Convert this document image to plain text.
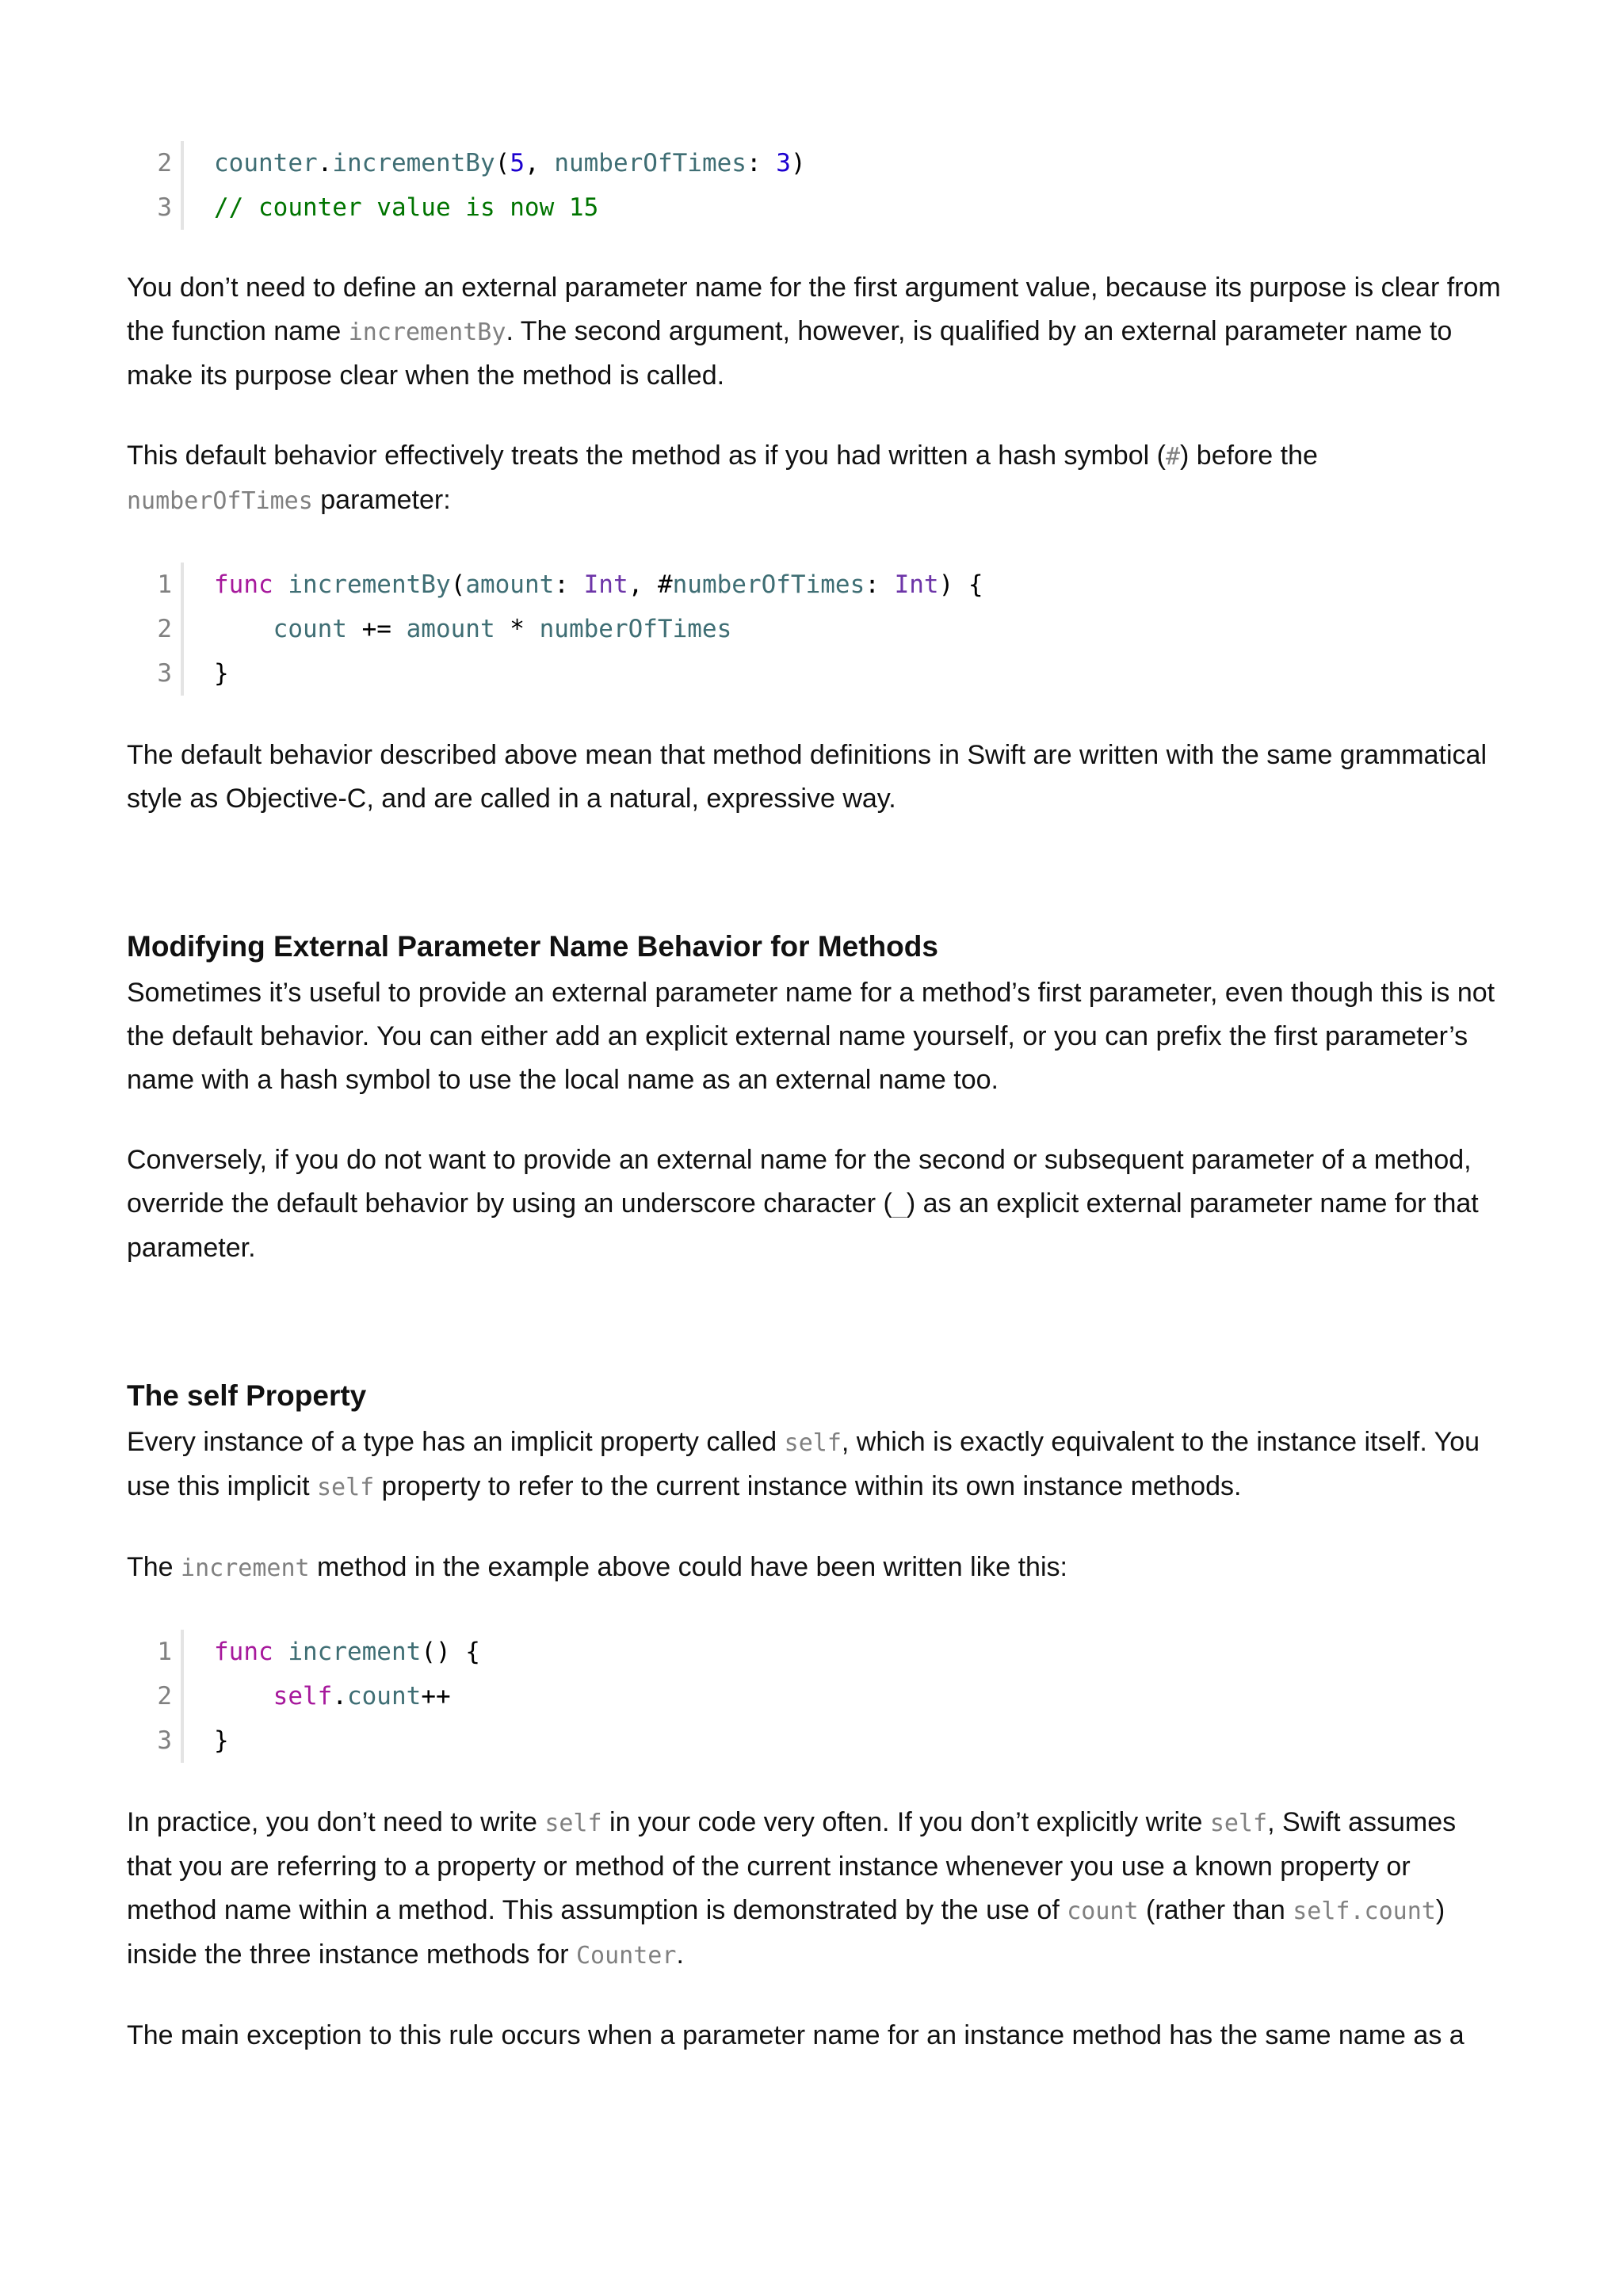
2	counter.incrementBy(5, numberOfTimes: 3)
3	// counter value is now 15

You don’t need to define an external parameter name for the first argument value, because its purpose is clear from the function name incrementBy. The second argument, however, is qualified by an external parameter name to make its purpose clear when the method is called.

This default behavior effectively treats the method as if you had written a hash symbol (#) before the numberOfTimes parameter:

1	func incrementBy(amount: Int, #numberOfTimes: Int) {
2	count += amount * numberOfTimes
3	}

The default behavior described above mean that method definitions in Swift are written with the same grammatical style as Objective-C, and are called in a natural, expressive way.

Modifying External Parameter Name Behavior for Methods

Sometimes it’s useful to provide an external parameter name for a method’s first parameter, even though this is not the default behavior. You can either add an explicit external name yourself, or you can prefix the first parameter’s name with a hash symbol to use the local name as an external name too.

Conversely, if you do not want to provide an external name for the second or subsequent parameter of a method, override the default behavior by using an underscore character (_) as an explicit external parameter name for that parameter.

The self Property

Every instance of a type has an implicit property called self, which is exactly equivalent to the instance itself. You use this implicit self property to refer to the current instance within its own instance methods.

The increment method in the example above could have been written like this:

1	func increment() {
2	self.count++
3	}

In practice, you don’t need to write self in your code very often. If you don’t explicitly write self, Swift assumes that you are referring to a property or method of the current instance whenever you use a known property or method name within a method. This assumption is demonstrated by the use of count (rather than self.count) inside the three instance methods for Counter.

The main exception to this rule occurs when a parameter name for an instance method has the same name as a
